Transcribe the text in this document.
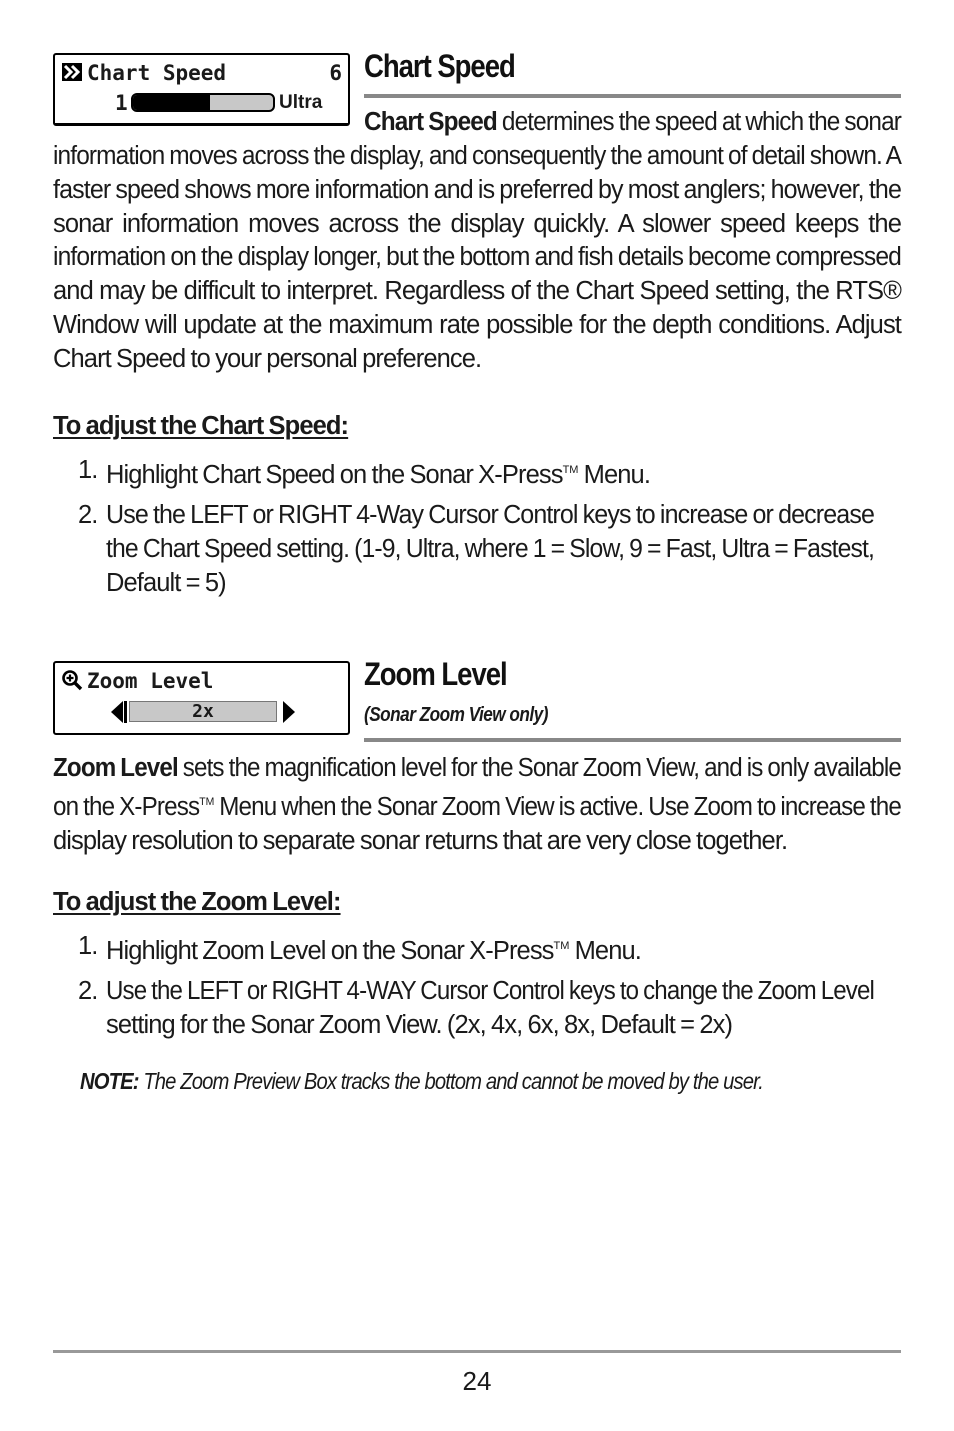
Chart Speed	6
1	Ultra
Chart Speed
Chart Speed determines the speed at which the sonar
information moves across the display, and consequently the amount of detail shown. A
faster speed shows more information and is preferred by most anglers; however, the
sonar information moves across the display quickly. A slower speed keeps the
information on the display longer, but the bottom and fish details become compressed
and may be difficult to interpret. Regardless of the Chart Speed setting, the RTS®
Window will update at the maximum rate possible for the depth conditions. Adjust
Chart Speed to your personal preference.
To adjust the Chart Speed:
1. Highlight Chart Speed on the Sonar X-Press™ Menu.
2. Use the LEFT or RIGHT 4-Way Cursor Control keys to increase or decrease
the Chart Speed setting. (1-9, Ultra, where 1 = Slow, 9 = Fast, Ultra = Fastest,
Default = 5)
Zoom Level
2x
Zoom Level
(Sonar Zoom View only)
Zoom Level sets the magnification level for the Sonar Zoom View, and is only available
on the X-Press™ Menu when the Sonar Zoom View is active. Use Zoom to increase the
display resolution to separate sonar returns that are very close together.
To adjust the Zoom Level:
1. Highlight Zoom Level on the Sonar X-Press™ Menu.
2. Use the LEFT or RIGHT 4-WAY Cursor Control keys to change the Zoom Level
setting for the Sonar Zoom View. (2x, 4x, 6x, 8x, Default = 2x)
NOTE: The Zoom Preview Box tracks the bottom and cannot be moved by the user.
24
